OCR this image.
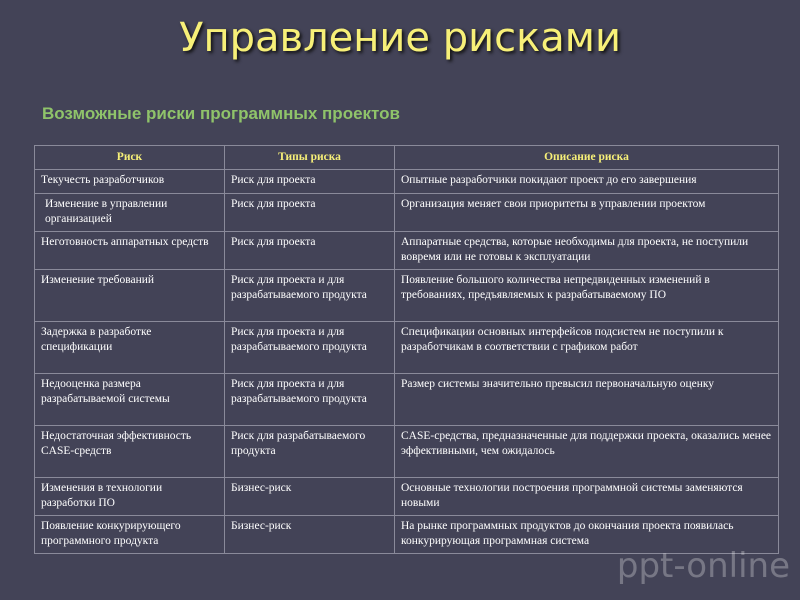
Управление рисками
Возможные риски программных проектов
Риск	Типы риска	Описание риска
Текучесть разработчиков	Риск для проекта	Опытные разработчики покидают проект до его завершения
Изменение в управлении организацией	Риск для проекта	Организация меняет свои приоритеты в управлении проектом
Неготовность аппаратных средств	Риск для проекта	Аппаратные средства, которые необходимы для проекта, не поступили вовремя или не готовы к эксплуатации
Изменение требований	Риск для проекта и для разрабатываемого продукта	Появление большого количества непредвиденных изменений в требованиях, предъявляемых к разрабатываемому ПО
Задержка в разработке спецификации	Риск для проекта и для разрабатываемого продукта	Спецификации основных интерфейсов подсистем не поступили к разработчикам в соответствии с графиком работ
Недооценка размера разрабатываемой системы	Риск для проекта и для разрабатываемого продукта	Размер системы значительно превысил первоначальную оценку
Недостаточная эффективность CASE-средств	Риск для разрабатываемого продукта	CASE-средства, предназначенные для поддержки проекта, оказались менее эффективными, чем ожидалось
Изменения в технологии разработки ПО	Бизнес-риск	Основные технологии построения программной системы заменяются новыми
Появление конкурирующего программного продукта	Бизнес-риск	На рынке программных продуктов до окончания проекта появилась конкурирующая программная система
ppt-online
